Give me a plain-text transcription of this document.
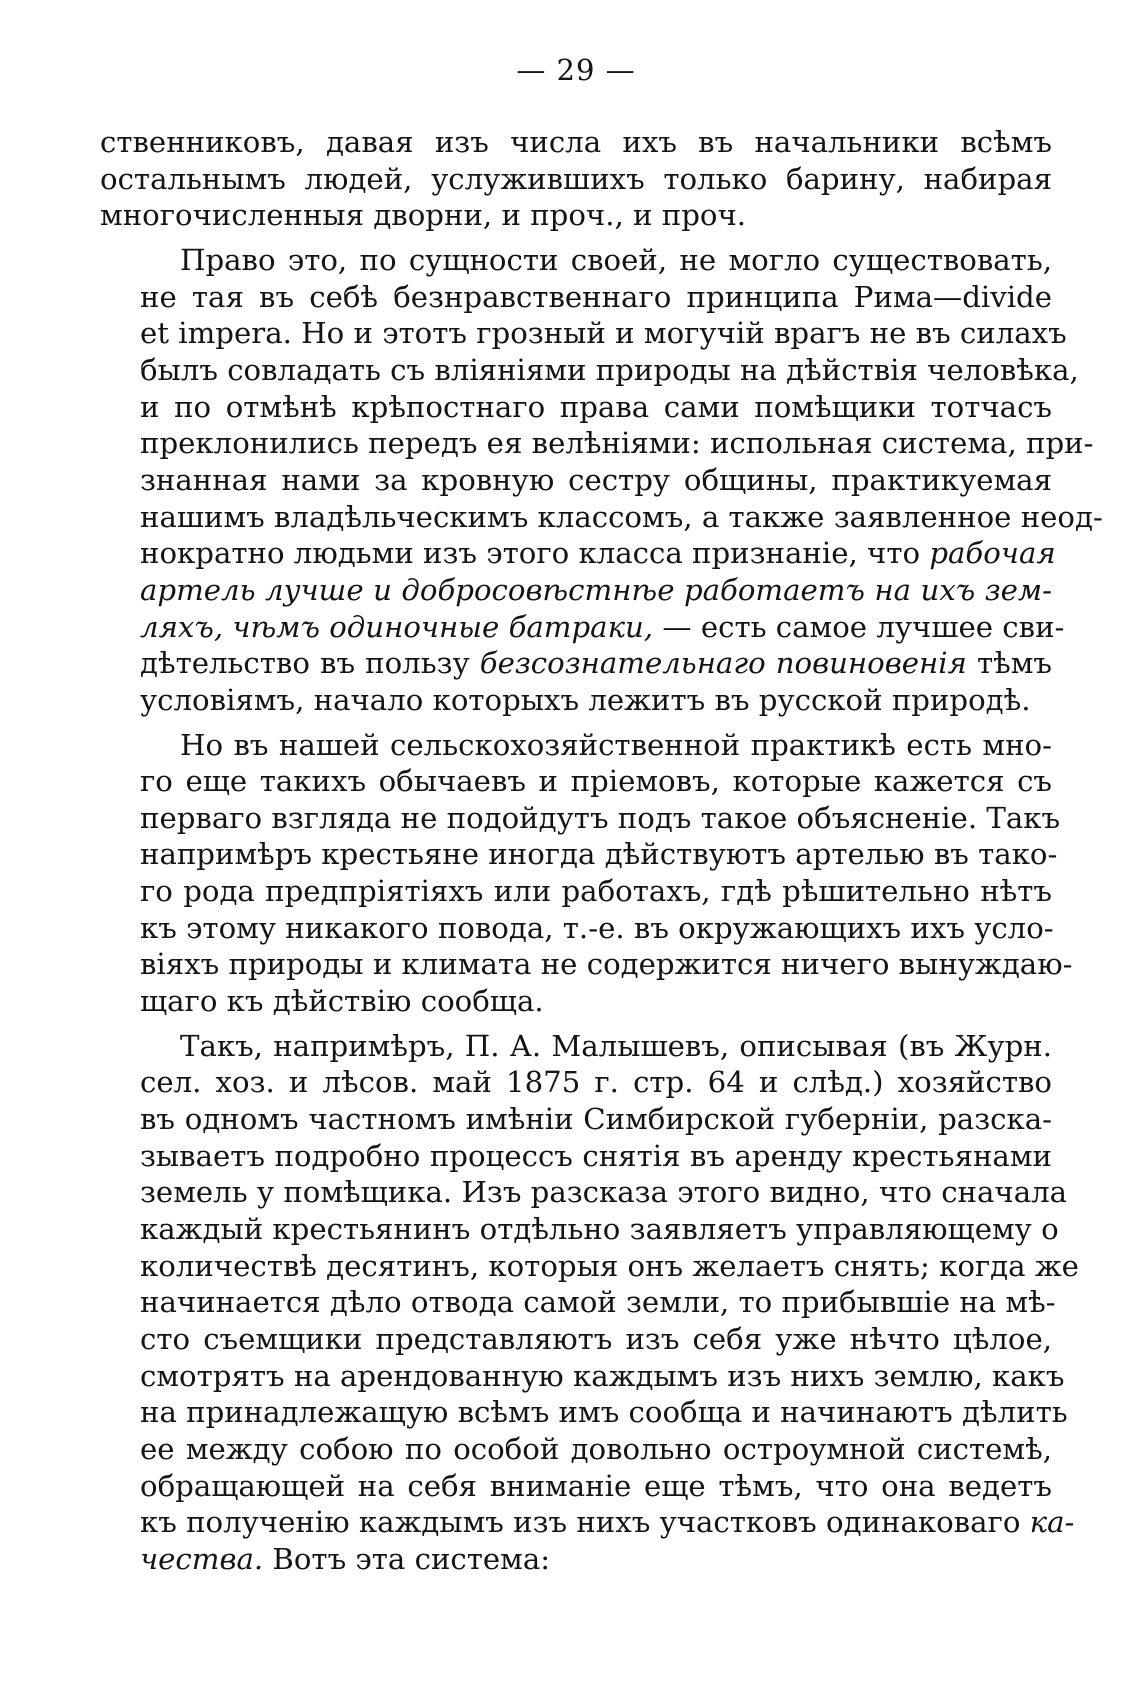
— 29 —
ственниковъ, давая изъ числа ихъ въ начальники всѣмъ
остальнымъ людей, услужившихъ только барину, набирая
многочисленныя дворни, и проч., и проч.
Право это, по сущности своей, не могло существовать,
не тая въ себѣ безнравственнаго принципа Рима—divide
et impera. Но и этотъ грозный и могучій врагъ не въ силахъ
былъ совладать съ вліяніями природы на дѣйствія человѣка,
и по отмѣнѣ крѣпостнаго права сами помѣщики тотчасъ
преклонились передъ ея велѣніями: испольная система, при-
знанная нами за кровную сестру общины, практикуемая
нашимъ владѣльческимъ классомъ, а также заявленное неод-
нократно людьми изъ этого класса признаніе, что рабочая
артель лучше и добросовѣстнѣе работаетъ на ихъ зем-
ляхъ, чѣмъ одиночные батраки, — есть самое лучшее сви-
дѣтельство въ пользу безсознательнаго повиновенія тѣмъ
условіямъ, начало которыхъ лежитъ въ русской природѣ.
Но въ нашей сельскохозяйственной практикѣ есть мно-
го еще такихъ обычаевъ и пріемовъ, которые кажется съ
перваго взгляда не подойдутъ подъ такое объясненіе. Такъ
напримѣръ крестьяне иногда дѣйствуютъ артелью въ тако-
го рода предпріятіяхъ или работахъ, гдѣ рѣшительно нѣтъ
къ этому никакого повода, т.-е. въ окружающихъ ихъ усло-
віяхъ природы и климата не содержится ничего вынуждаю-
щаго къ дѣйствію сообща.
Такъ, напримѣръ, П. А. Малышевъ, описывая (въ Журн.
сел. хоз. и лѣсов. май 1875 г. стр. 64 и слѣд.) хозяйство
въ одномъ частномъ имѣніи Симбирской губерніи, разска-
зываетъ подробно процессъ снятія въ аренду крестьянами
земель у помѣщика. Изъ разсказа этого видно, что сначала
каждый крестьянинъ отдѣльно заявляетъ управляющему о
количествѣ десятинъ, которыя онъ желаетъ снять; когда же
начинается дѣло отвода самой земли, то прибывшіе на мѣ-
сто съемщики представляютъ изъ себя уже нѣчто цѣлое,
смотрятъ на арендованную каждымъ изъ нихъ землю, какъ
на принадлежащую всѣмъ имъ сообща и начинаютъ дѣлить
ее между собою по особой довольно остроумной системѣ,
обращающей на себя вниманіе еще тѣмъ, что она ведетъ
къ полученію каждымъ изъ нихъ участковъ одинаковаго ка-
чества. Вотъ эта система:
